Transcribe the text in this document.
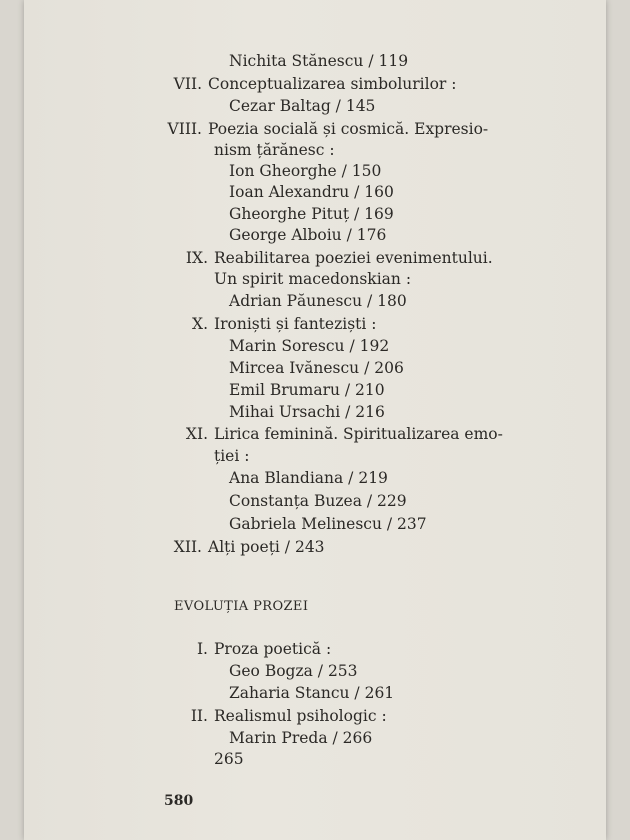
Nichita Stănescu / 119
VII. Conceptualizarea simbolurilor :
Cezar Baltag / 145
VIII. Poezia socială și cosmică. Expresio-
nism țărănesc :
Ion Gheorghe / 150
Ioan Alexandru / 160
Gheorghe Pituț / 169
George Alboiu / 176
IX. Reabilitarea poeziei evenimentului.
Un spirit macedonskian :
Adrian Păunescu / 180
X. Ironiști și fanteziști :
Marin Sorescu / 192
Mircea Ivănescu / 206
Emil Brumaru / 210
Mihai Ursachi / 216
XI. Lirica feminină. Spiritualizarea emo-
ției :
Ana Blandiana / 219
Constanța Buzea / 229
Gabriela Melinescu / 237
XII. Alți poeți / 243
EVOLUȚIA PROZEI
I. Proza poetică :
Geo Bogza / 253
Zaharia Stancu / 261
II. Realismul psihologic :
Marin Preda / 266
265
580
